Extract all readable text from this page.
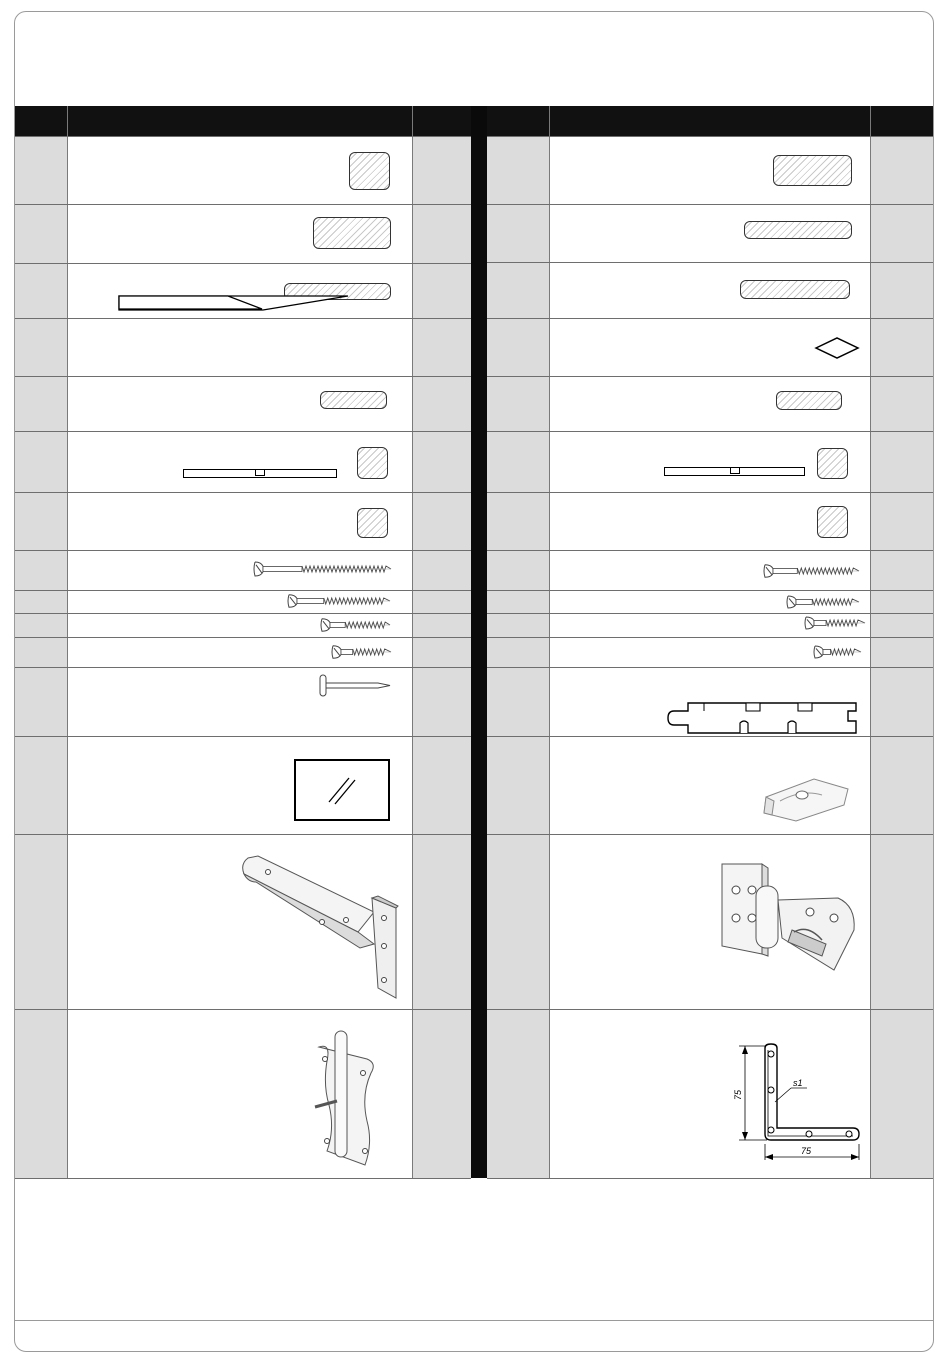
s1
75
75
